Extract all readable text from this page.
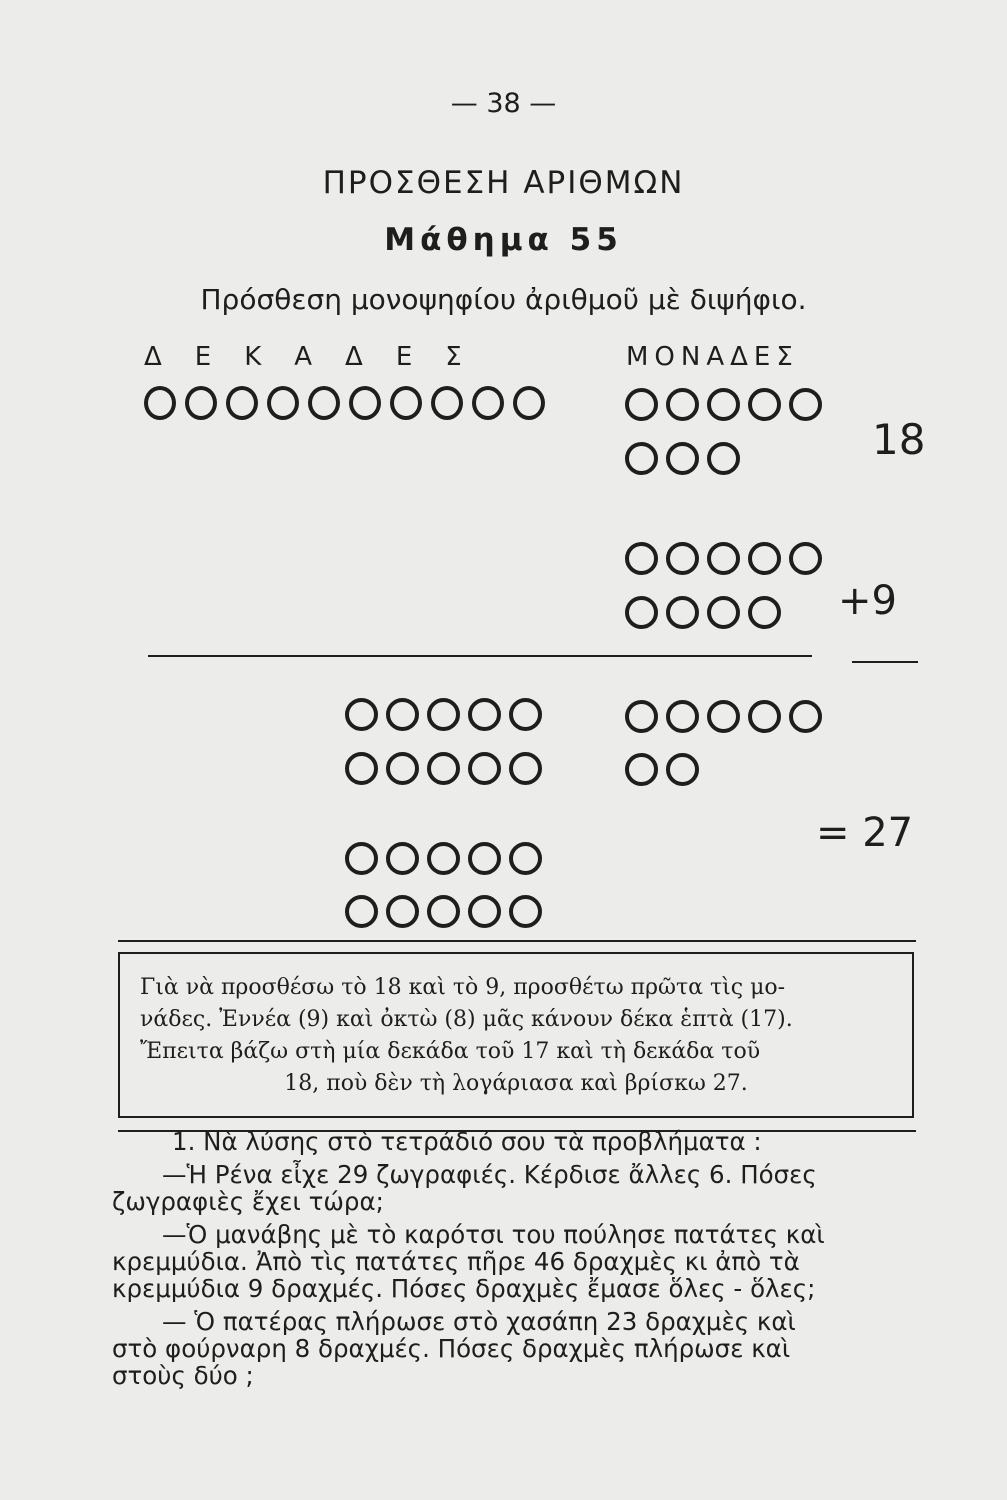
— 38 —
ΠΡΟΣΘΕΣΗ ΑΡΙΘΜΩΝ
Μάθημα 55
Πρόσθεση μονοψηφίου ἀριθμοῦ μὲ διψήφιο.
ΔΕΚΑΔΕΣ	ΜΟΝΑΔΕΣ
18
+9
= 27
Γιὰ νὰ προσθέσω τὸ 18 καὶ τὸ 9, προσθέτω πρῶτα τὶς μο-
νάδες. Ἐννέα (9) καὶ ὀκτὼ (8) μᾶς κάνουν δέκα ἑπτὰ (17).
Ἔπειτα βάζω στὴ μία δεκάδα τοῦ 17 καὶ τὴ δεκάδα τοῦ
18, ποὺ δὲν τὴ λογάριασα καὶ βρίσκω 27.
1. Νὰ λύσης στὸ τετράδιό σου τὰ προβλήματα :
—Ἡ Ρένα εἶχε 29 ζωγραφιές. Κέρδισε ἄλλες 6. Πόσες
ζωγραφιὲς ἔχει τώρα;
—Ὁ μανάβης μὲ τὸ καρότσι του πούλησε πατάτες καὶ
κρεμμύδια. Ἀπὸ τὶς πατάτες πῆρε 46 δραχμὲς κι ἀπὸ τὰ
κρεμμύδια 9 δραχμές. Πόσες δραχμὲς ἔμασε ὅλες - ὅλες;
— Ὁ πατέρας πλήρωσε στὸ χασάπη 23 δραχμὲς καὶ
στὸ φούρναρη 8 δραχμές. Πόσες δραχμὲς πλήρωσε καὶ
στοὺς δύο ;
